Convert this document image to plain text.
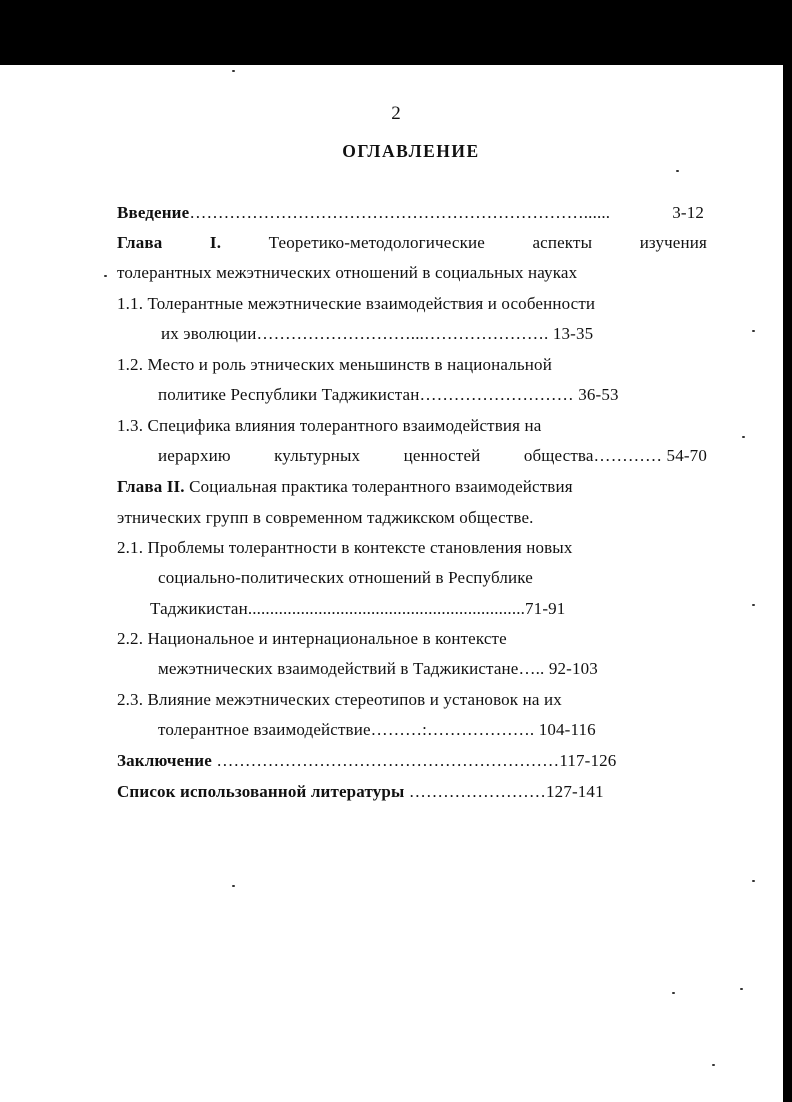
2
ОГЛАВЛЕНИЕ
Введение……………………………………………………………......	3-12
Глава	I.	Теоретико-методологические	аспекты	изучения
толерантных межэтнических отношений в социальных науках
1.1. Толерантные межэтнические взаимодействия и особенности
их эволюции………………………...…………………. 13-35
1.2. Место и роль этнических меньшинств в национальной
политике Республики Таджикистан……………………… 36-53
1.3. Специфика влияния толерантного взаимодействия на
иерархию	культурных	ценностей	общества………… 54-70
Глава II. Социальная практика толерантного взаимодействия
этнических групп в современном таджикском обществе.
2.1. Проблемы толерантности в контексте становления новых
социально-политических отношений в Республике
Таджикистан...............................................................71-91
2.2. Национальное и интернациональное в контексте
межэтнических взаимодействий в Таджикистане….. 92-103
2.3. Влияние межэтнических стереотипов и установок на их
толерантное взаимодействие………:………………. 104-116
Заключение ……………………………………………………117-126
Список использованной литературы ……………………127-141
